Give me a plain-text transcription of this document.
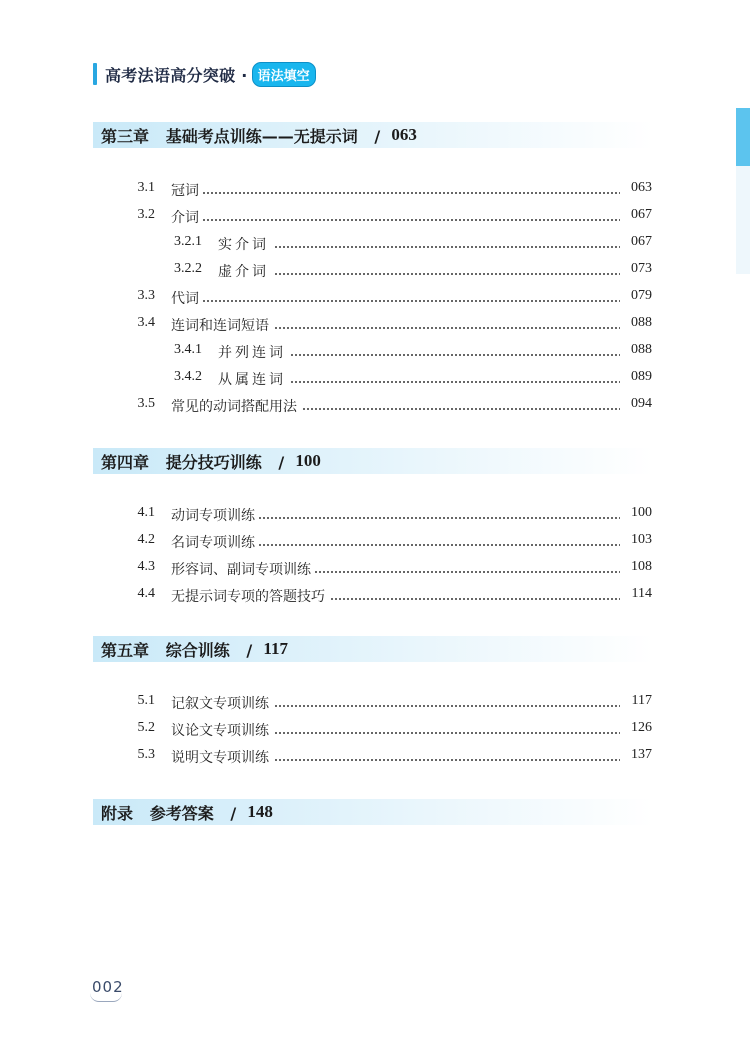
高考法语高分突破 · 语法填空
第三章   基础考点训练——无提示词   / 063
3.1 冠词	063
3.2 介词	067
3.2.1 实介词	067
3.2.2 虚介词	073
3.3 代词	079
3.4 连词和连词短语	088
3.4.1 并列连词	088
3.4.2 从属连词	089
3.5 常见的动词搭配用法	094
第四章   提分技巧训练   / 100
4.1 动词专项训练	100
4.2 名词专项训练	103
4.3 形容词、副词专项训练	108
4.4 无提示词专项的答题技巧	114
第五章   综合训练   / 117
5.1 记叙文专项训练	117
5.2 议论文专项训练	126
5.3 说明文专项训练	137
附录   参考答案   / 148
002
